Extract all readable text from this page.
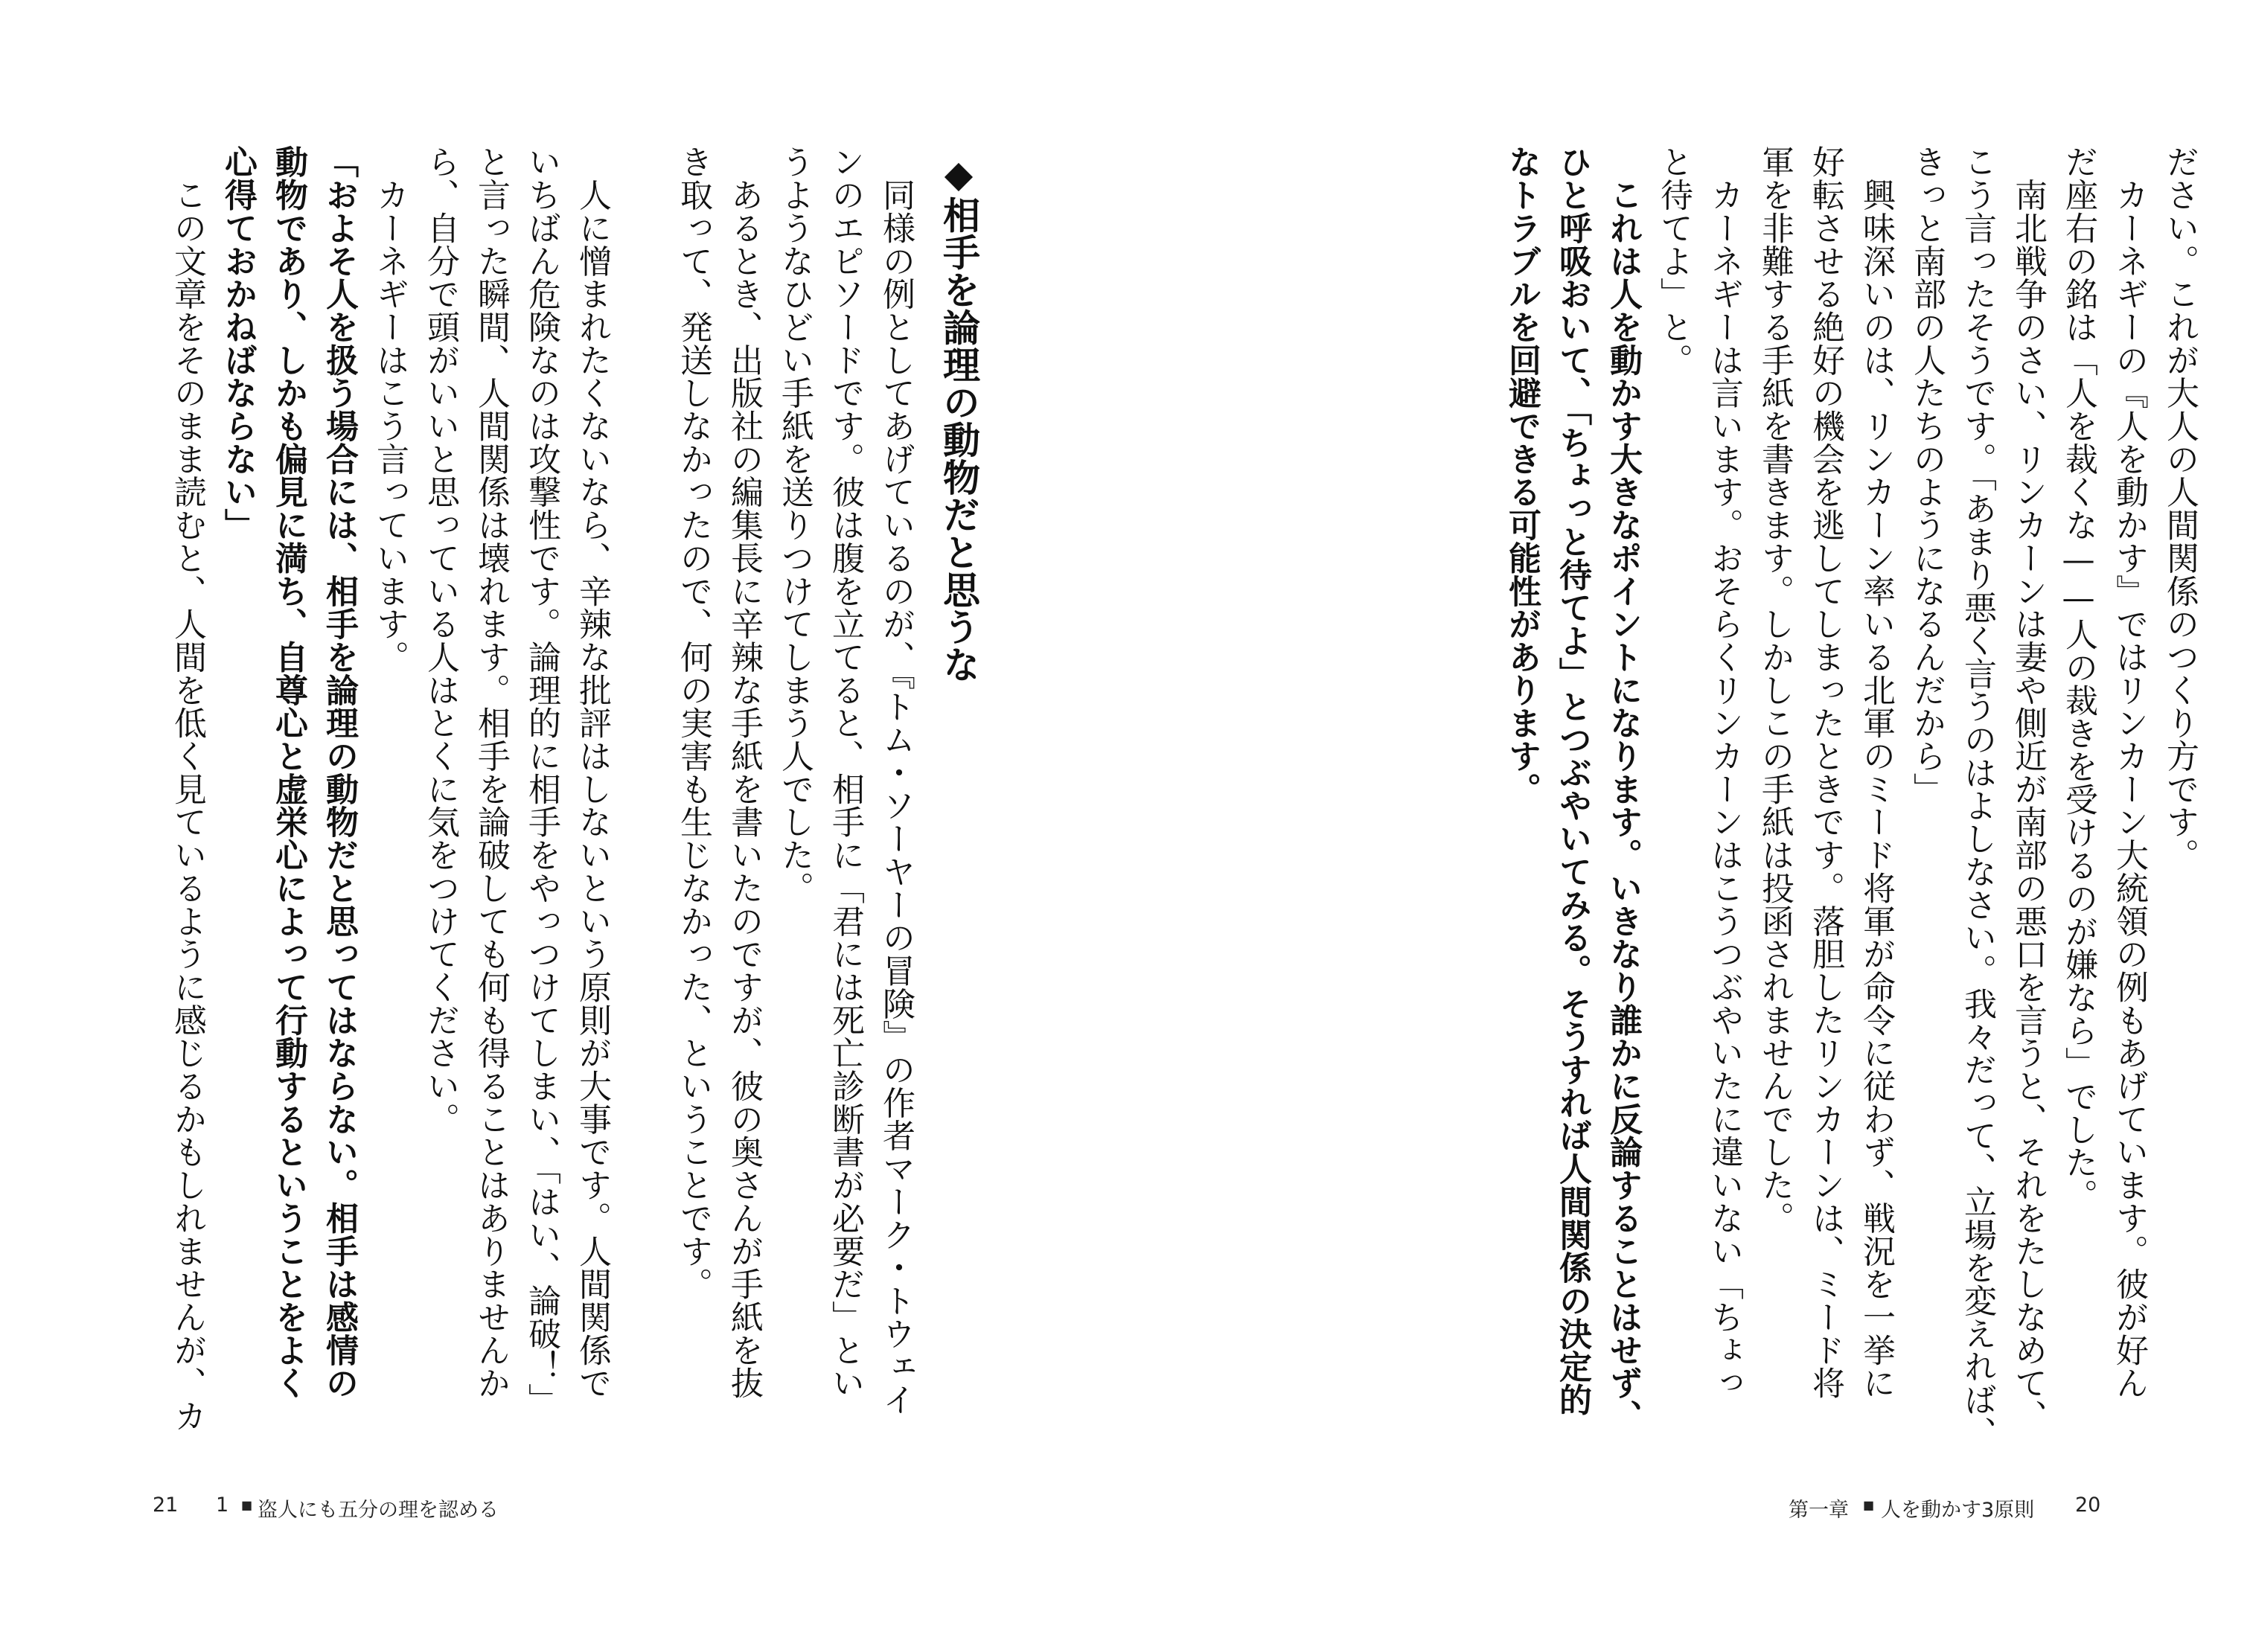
ださい。これが大人の人間関係のつくり方です。
　カーネギーの『人を動かす』ではリンカーン大統領の例もあげています。彼が好ん
だ座右の銘は「人を裁くな——人の裁きを受けるのが嫌なら」でした。
　南北戦争のさい、リンカーンは妻や側近が南部の悪口を言うと、それをたしなめて、
こう言ったそうです。「あまり悪く言うのはよしなさい。我々だって、立場を変えれば、
きっと南部の人たちのようになるんだから」
　興味深いのは、リンカーン率いる北軍のミード将軍が命令に従わず、戦況を一挙に
好転させる絶好の機会を逃してしまったときです。落胆したリンカーンは、ミード将
軍を非難する手紙を書きます。しかしこの手紙は投函されませんでした。
　カーネギーは言います。おそらくリンカーンはこうつぶやいたに違いない「ちょっ
と待てよ」と。
　これは人を動かす大きなポイントになります。いきなり誰かに反論することはせず、
ひと呼吸おいて、「ちょっと待てよ」とつぶやいてみる。そうすれば人間関係の決定的
なトラブルを回避できる可能性があります。
第一章 ■ 人を動かす3原則 20
◆相手を論理の動物だと思うな
　同様の例としてあげているのが、『トム・ソーヤーの冒険』の作者マーク・トウェイ
ンのエピソードです。彼は腹を立てると、相手に「君には死亡診断書が必要だ」とい
うようなひどい手紙を送りつけてしまう人でした。
　あるとき、出版社の編集長に辛辣な手紙を書いたのですが、彼の奥さんが手紙を抜
き取って、発送しなかったので、何の実害も生じなかった、ということです。
　人に憎まれたくないなら、辛辣な批評はしないという原則が大事です。人間関係で
いちばん危険なのは攻撃性です。論理的に相手をやっつけてしまい、「はい、論破！」
と言った瞬間、人間関係は壊れます。相手を論破しても何も得ることはありませんか
ら、自分で頭がいいと思っている人はとくに気をつけてください。
　カーネギーはこう言っています。
「およそ人を扱う場合には、相手を論理の動物だと思ってはならない。相手は感情の
動物であり、しかも偏見に満ち、自尊心と虚栄心によって行動するということをよく
心得ておかねばならない」
　この文章をそのまま読むと、人間を低く見ているように感じるかもしれませんが、カ
21 1 ■ 盗人にも五分の理を認める
